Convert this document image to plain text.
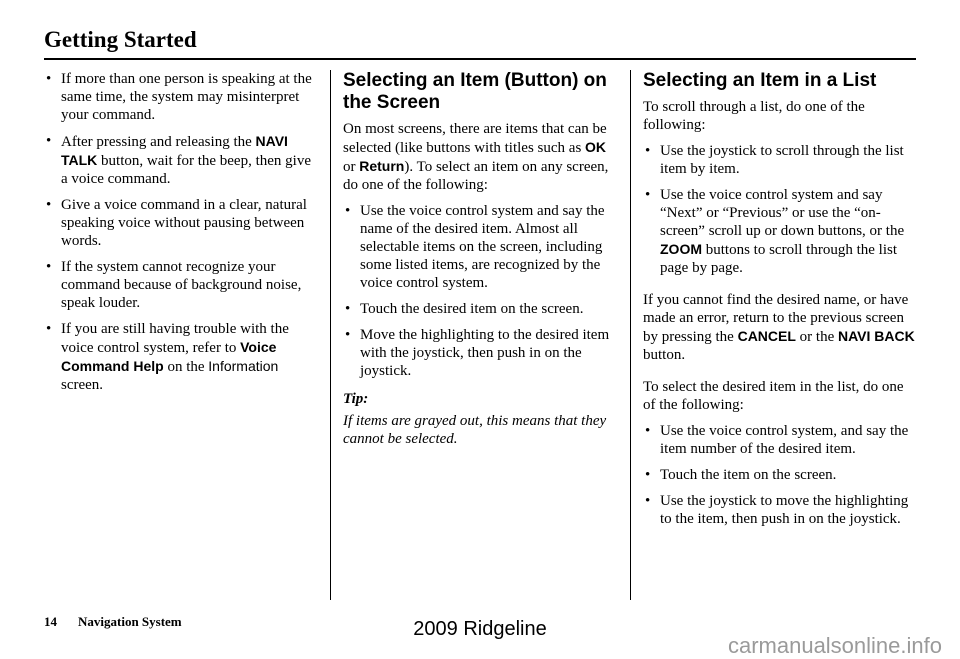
Getting Started
• If more than one person is speaking at the same time, the system may misinterpret your command.
• After pressing and releasing the NAVI TALK button, wait for the beep, then give a voice command.
• Give a voice command in a clear, natural speaking voice without pausing between words.
• If the system cannot recognize your command because of background noise, speak louder.
• If you are still having trouble with the voice control system, refer to Voice Command Help on the Information screen.
Selecting an Item (Button) on the Screen

On most screens, there are items that can be selected (like buttons with titles such as OK or Return). To select an item on any screen, do one of the following:

• Use the voice control system and say the name of the desired item. Almost all selectable items on the screen, including some listed items, are recognized by the voice control system.
• Touch the desired item on the screen.
• Move the highlighting to the desired item with the joystick, then push in on the joystick.

Tip:

If items are grayed out, this means that they cannot be selected.

Selecting an Item in a List

To scroll through a list, do one of the following:

• Use the joystick to scroll through the list item by item.
• Use the voice control system and say “Next” or “Previous” or use the “on-screen” scroll up or down buttons, or the ZOOM buttons to scroll through the list page by page.

If you cannot find the desired name, or have made an error, return to the previous screen by pressing the CANCEL or the NAVI BACK button.

To select the desired item in the list, do one of the following:

• Use the voice control system, and say the item number of the desired item.
• Touch the item on the screen.
• Use the joystick to move the highlighting to the item, then push in on the joystick.
14 Navigation System	2009 Ridgeline
carmanualsonline.info
